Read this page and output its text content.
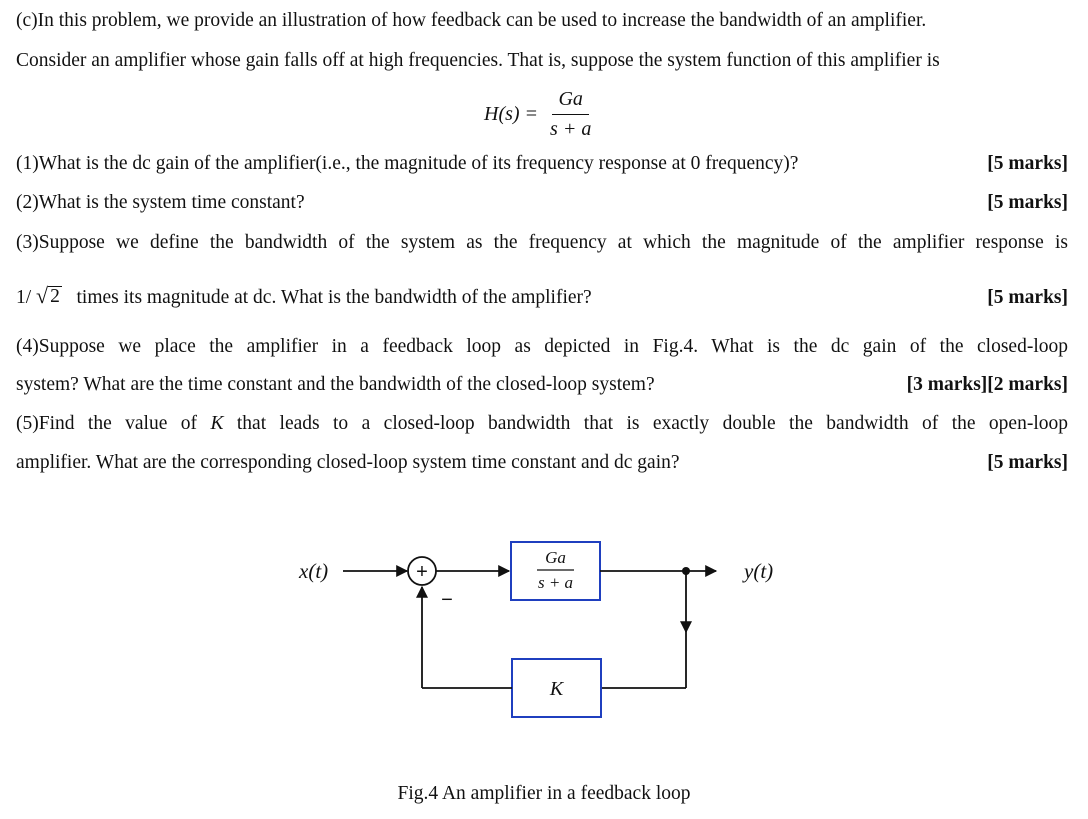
(c)In this problem, we provide an illustration of how feedback can be used to increase the bandwidth of an amplifier.
Consider an amplifier whose gain falls off at high frequencies. That is, suppose the system function of this amplifier is
$H(s) = \frac{Ga}{s + a}$
(1)What is the dc gain of the amplifier(i.e., the magnitude of its frequency response at 0 frequency)?	[5 marks]
(2)What is the system time constant?	[5 marks]
(3)Suppose we define the bandwidth of the system as the frequency at which the magnitude of the amplifier response is
1/ √ 2 times its magnitude at dc. What is the bandwidth of the amplifier?	[5 marks]
(4)Suppose we place the amplifier in a feedback loop as depicted in Fig.4. What is the dc gain of the closed-loop
system? What are the time constant and the bandwidth of the closed-loop system?	[3 marks][2 marks]
(5)Find the value of K that leads to a closed-loop bandwidth that is exactly double the bandwidth of the open-loop
amplifier. What are the corresponding closed-loop system time constant and dc gain?	[5 marks]
x(t)	+
Ga
s + a	y(t)
K
−
Fig.4 An amplifier in a feedback loop
